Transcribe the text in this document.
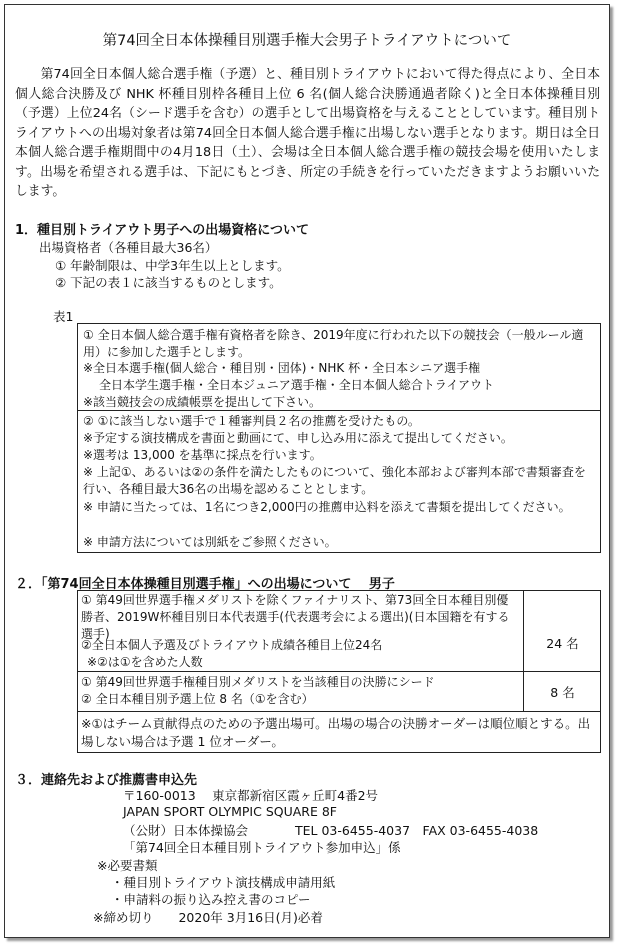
第74回全日本体操種目別選手権大会男子トライアウトについて
第74回全日本個人総合選手権（予選）と、種目別トライアウトにおいて得た得点により、全日本個人総合決勝及び NHK 杯種目別枠各種目上位 6 名(個人総合決勝通過者除く)と全日本体操種目別（予選）上位24名（シード選手を含む）の選手として出場資格を与えることとしています。種目別トライアウトへの出場対象者は第74回全日本個人総合選手権に出場しない選手となります。期日は全日本個人総合選手権期間中の4月18日（土）、会場は全日本個人総合選手権の競技会場を使用いたします。出場を希望される選手は、下記にもとづき、所定の手続きを行っていただきますようお願いいたします。
1．種目別トライアウト男子への出場資格について
出場資格者（各種目最大36名）
① 年齢制限は、中学3年生以上とします。
② 下記の表１に該当するものとします。
表1
① 全日本個人総合選手権有資格者を除き、2019年度に行われた以下の競技会（一般ルール適用）に参加した選手とします。
※全日本選手権(個人総合・種目別・団体)・NHK 杯・全日本シニア選手権
全日本学生選手権・全日本ジュニア選手権・全日本個人総合トライアウト
※該当競技会の成績帳票を提出して下さい。
② ①に該当しない選手で１種審判員２名の推薦を受けたもの。
※予定する演技構成を書面と動画にて、申し込み用に添えて提出してください。
※選考は 13,000 を基準に採点を行います。
※ 上記①、あるいは②の条件を満たしたものについて、強化本部および審判本部で書類審査を行い、各種目最大36名の出場を認めることとします。
※ 申請に当たっては、1名につき2,000円の推薦申込料を添えて書類を提出してください。
※ 申請方法については別紙をご参照ください。
２．「第74回全日本体操種目別選手権」への出場について　 男子
① 第49回世界選手権メダリストを除くファイナリスト、第73回全日本種目別優勝者、2019W杯種目別日本代表選手(代表選考会による選出)(日本国籍を有する選手)
②全日本個人予選及びトライアウト成績各種目上位24名
※②は①を含めた人数
24 名
① 第49回世界選手権種目別メダリストを当該種目の決勝にシード
② 全日本種目別予選上位 8 名（①を含む）	8 名
※①はチーム貢献得点のための予選出場可。出場の場合の決勝オーダーは順位順とする。出場しない場合は予選 1 位オーダー。
３．連絡先および推薦書申込先
〒160-0013　 東京都新宿区霞ヶ丘町4番2号
JAPAN SPORT OLYMPIC SQUARE 8F
（公財）日本体操協会	TEL 03-6455-4037　FAX 03-6455-4038
「第74回全日本種目別トライアウト参加申込」係
※必要書類
・種目別トライアウト演技構成申請用紙
・申請料の振り込み控え書のコピー
※締め切り　　2020年 3月16日(月)必着
